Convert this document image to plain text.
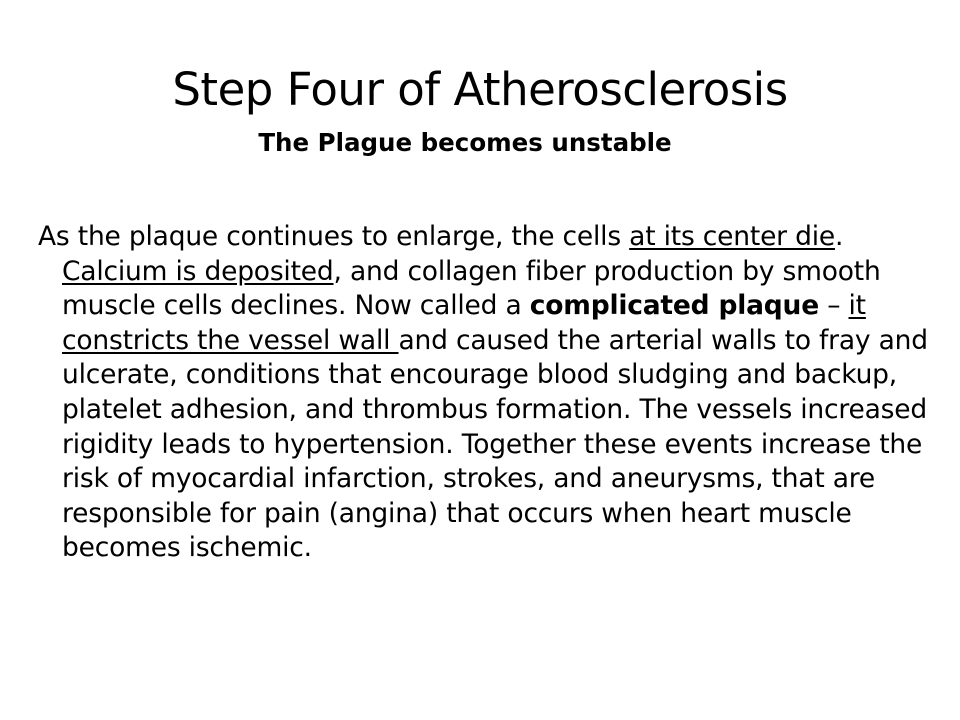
Step Four of Atherosclerosis
The Plague becomes unstable

As the plaque continues to enlarge, the cells at its center die. Calcium is deposited, and collagen fiber production by smooth muscle cells declines. Now called a complicated plaque – it constricts the vessel wall and caused the arterial walls to fray and ulcerate, conditions that encourage blood sludging and backup, platelet adhesion, and thrombus formation. The vessels increased rigidity leads to hypertension. Together these events increase the risk of myocardial infarction, strokes, and aneurysms, that are responsible for pain (angina) that occurs when heart muscle becomes ischemic.
